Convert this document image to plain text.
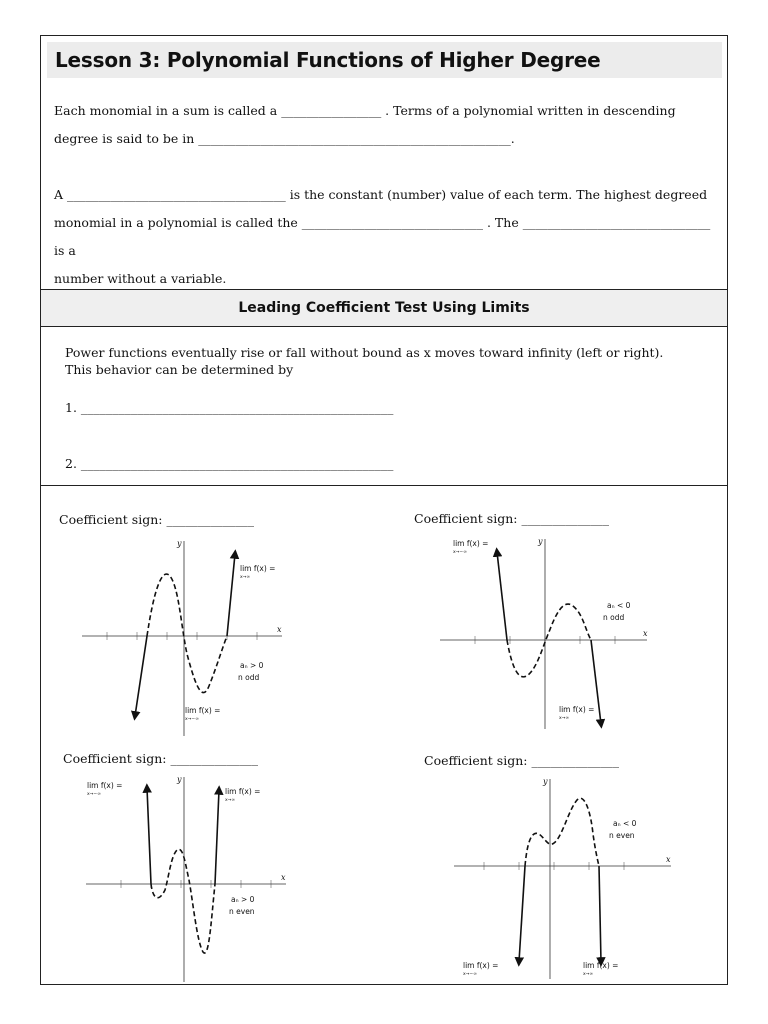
Lesson 3: Polynomial Functions of Higher Degree
Each monomial in a sum is called a ________________ . Terms of a polynomial written in descending
degree is said to be in __________________________________________________.
A ___________________________________ is the constant (number) value of each term. The highest degreed
monomial in a polynomial is called the _____________________________ . The ______________________________ is a
number without a variable.
Leading Coefficient Test Using Limits
Power functions eventually rise or fall without bound as x moves toward infinity (left or right).
This behavior can be determined by
1. __________________________________________________
2. __________________________________________________
Coefficient sign: ______________	Coefficient sign: ______________
Coefficient sign: ______________	Coefficient sign: ______________
y
x
lim f(x) =
x→∞
lim f(x) =
x→−∞
aₙ > 0
n odd
y
x
lim f(x) =
x→−∞
lim f(x) =
x→∞
aₙ < 0
n odd
y
x
lim f(x) =
x→−∞	lim f(x) =
x→∞
aₙ > 0
n even
y
x
aₙ < 0
n even
lim f(x) =
x→−∞
lim f(x) =
x→∞
